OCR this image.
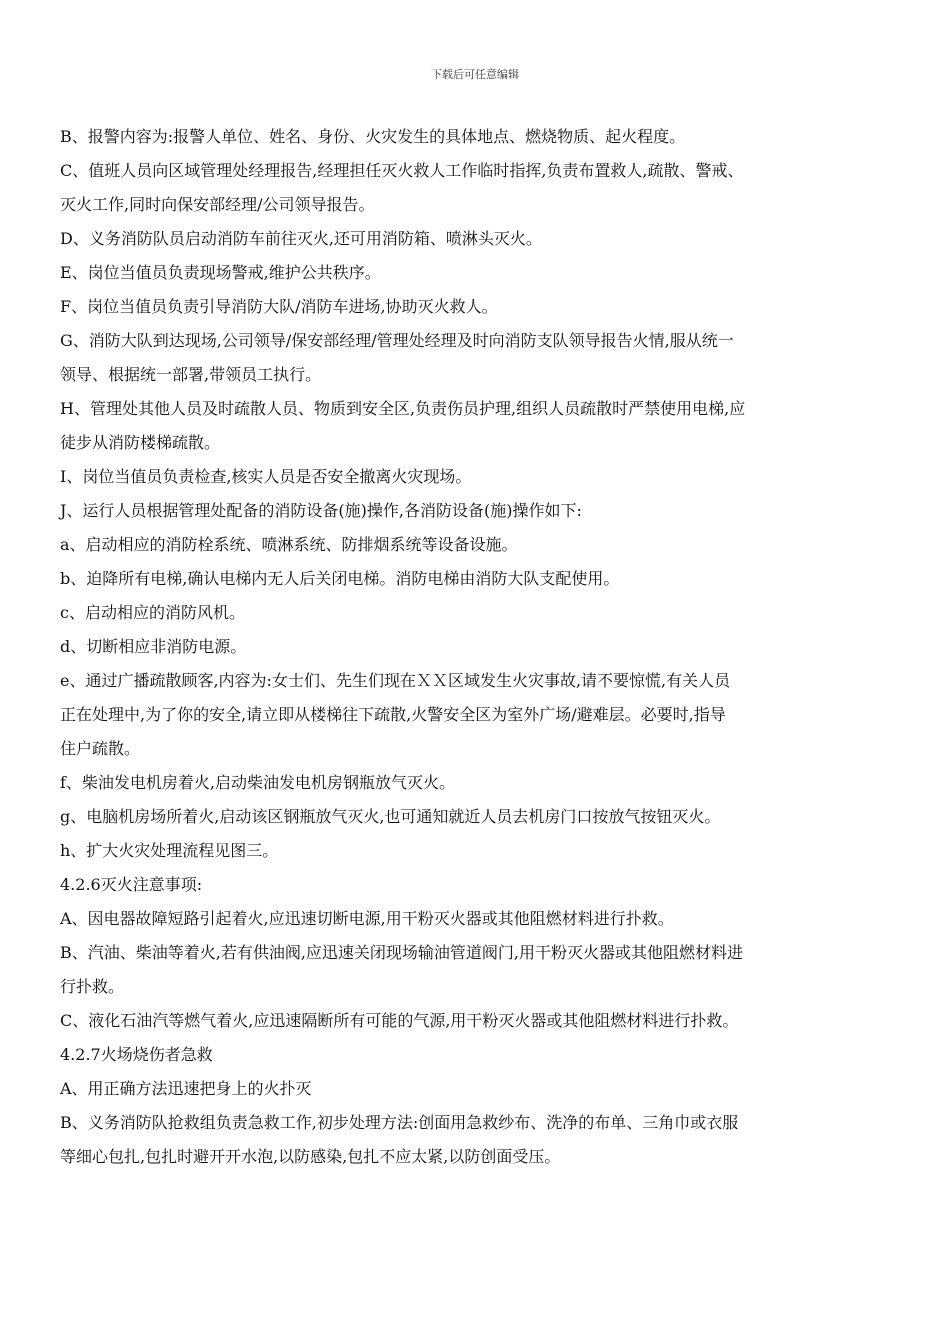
下载后可任意编辑
B、报警内容为:报警人单位、姓名、身份、火灾发生的具体地点、燃烧物质、起火程度。
C、值班人员向区域管理处经理报告,经理担任灭火救人工作临时指挥,负责布置救人,疏散、警戒、
灭火工作,同时向保安部经理/公司领导报告。
D、义务消防队员启动消防车前往灭火,还可用消防箱、喷淋头灭火。
E、岗位当值员负责现场警戒,维护公共秩序。
F、岗位当值员负责引导消防大队/消防车进场,协助灭火救人。
G、消防大队到达现场,公司领导/保安部经理/管理处经理及时向消防支队领导报告火情,服从统一
领导、根据统一部署,带领员工执行。
H、管理处其他人员及时疏散人员、物质到安全区,负责伤员护理,组织人员疏散时严禁使用电梯,应
徒步从消防楼梯疏散。
I、岗位当值员负责检查,核实人员是否安全撤离火灾现场。
J、运行人员根据管理处配备的消防设备(施)操作,各消防设备(施)操作如下:
a、启动相应的消防栓系统、喷淋系统、防排烟系统等设备设施。
b、迫降所有电梯,确认电梯内无人后关闭电梯。消防电梯由消防大队支配使用。
c、启动相应的消防风机。
d、切断相应非消防电源。
e、通过广播疏散顾客,内容为:女士们、先生们现在ＸＸ区域发生火灾事故,请不要惊慌,有关人员
正在处理中,为了你的安全,请立即从楼梯往下疏散,火警安全区为室外广场/避难层。必要时,指导
住户疏散。
f、柴油发电机房着火,启动柴油发电机房钢瓶放气灭火。
g、电脑机房场所着火,启动该区钢瓶放气灭火,也可通知就近人员去机房门口按放气按钮灭火。
h、扩大火灾处理流程见图三。
4.2.6灭火注意事项:
A、因电器故障短路引起着火,应迅速切断电源,用干粉灭火器或其他阻燃材料进行扑救。
B、汽油、柴油等着火,若有供油阀,应迅速关闭现场输油管道阀门,用干粉灭火器或其他阻燃材料进
行扑救。
C、液化石油汽等燃气着火,应迅速隔断所有可能的气源,用干粉灭火器或其他阻燃材料进行扑救。
4.2.7火场烧伤者急救
A、用正确方法迅速把身上的火扑灭
B、义务消防队抢救组负责急救工作,初步处理方法:创面用急救纱布、洗净的布单、三角巾或衣服
等细心包扎,包扎时避开开水泡,以防感染,包扎不应太紧,以防创面受压。
